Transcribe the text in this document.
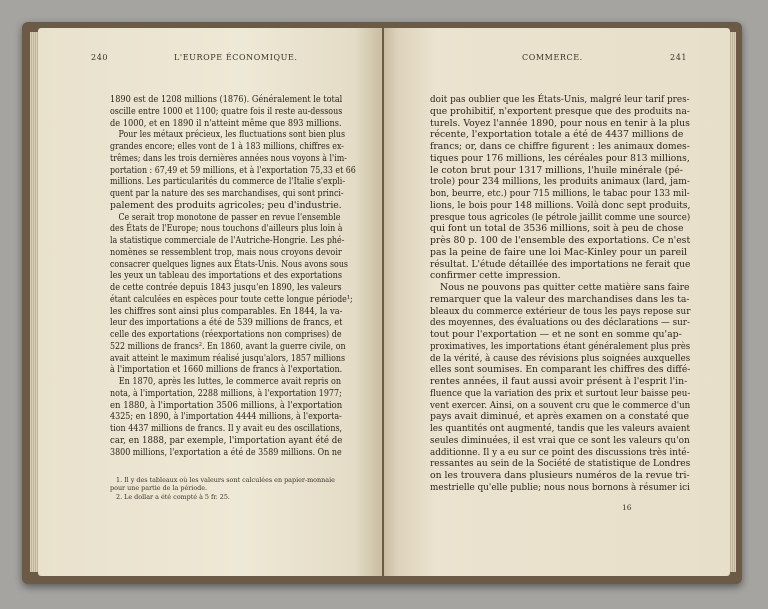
240	L'EUROPE ÉCONOMIQUE.
1890 est de 1208 millions (1876). Généralement le total
oscille entre 1000 et 1100; quatre fois il reste au-dessous
de 1000, et en 1890 il n'atteint même que 893 millions.
Pour les métaux précieux, les fluctuations sont bien plus
grandes encore; elles vont de 1 à 183 millions, chiffres ex-
trêmes; dans les trois dernières années nous voyons à l'im-
portation : 67,49 et 59 millions, et à l'exportation 75,33 et 66
millions. Les particularités du commerce de l'Italie s'expli-
quent par la nature des ses marchandises, qui sont princi-
palement des produits agricoles; peu d'industrie.
Ce serait trop monotone de passer en revue l'ensemble
des États de l'Europe; nous touchons d'ailleurs plus loin à
la statistique commerciale de l'Autriche-Hongrie. Les phé-
nomènes se ressemblent trop, mais nous croyons devoir
consacrer quelques lignes aux États-Unis. Nous avons sous
les yeux un tableau des importations et des exportations
de cette contrée depuis 1843 jusqu'en 1890, les valeurs
étant calculées en espèces pour toute cette longue période¹;
les chiffres sont ainsi plus comparables. En 1844, la va-
leur des importations a été de 539 millions de francs, et
celle des exportations (réexportations non comprises) de
522 millions de francs². En 1860, avant la guerre civile, on
avait atteint le maximum réalisé jusqu'alors, 1857 millions
à l'importation et 1660 millions de francs à l'exportation.
En 1870, après les luttes, le commerce avait repris on
nota, à l'importation, 2288 millions, à l'exportation 1977;
en 1880, à l'importation 3506 millions, à l'exportation
4325; en 1890, à l'importation 4444 millions, à l'exporta-
tion 4437 millions de francs. Il y avait eu des oscillations,
car, en 1888, par exemple, l'importation ayant été de
3800 millions, l'exportation a été de 3589 millions. On ne
1. Il y des tableaux où les valeurs sont calculées en papier-monnaie
pour une partie de la période.
2. Le dollar a été compté à 5 fr. 25.
COMMERCE.	241
doit pas oublier que les États-Unis, malgré leur tarif pres-
que prohibitif, n'exportent presque que des produits na-
turels. Voyez l'année 1890, pour nous en tenir à la plus
récente, l'exportation totale a été de 4437 millions de
francs; or, dans ce chiffre figurent : les animaux domes-
tiques pour 176 millions, les céréales pour 813 millions,
le coton brut pour 1317 millions, l'huile minérale (pé-
trole) pour 234 millions, les produits animaux (lard, jam-
bon, beurre, etc.) pour 715 millions, le tabac pour 133 mil-
lions, le bois pour 148 millions. Voilà donc sept produits,
presque tous agricoles (le pétrole jaillit comme une source)
qui font un total de 3536 millions, soit à peu de chose
près 80 p. 100 de l'ensemble des exportations. Ce n'est
pas la peine de faire une loi Mac-Kinley pour un pareil
résultat. L'étude détaillée des importations ne ferait que
confirmer cette impression.
Nous ne pouvons pas quitter cette matière sans faire
remarquer que la valeur des marchandises dans les ta-
bleaux du commerce extérieur de tous les pays repose sur
des moyennes, des évaluations ou des déclarations — sur-
tout pour l'exportation — et ne sont en somme qu'ap-
proximatives, les importations étant généralement plus près
de la vérité, à cause des révisions plus soignées auxquelles
elles sont soumises. En comparant les chiffres des diffé-
rentes années, il faut aussi avoir présent à l'esprit l'in-
fluence que la variation des prix et surtout leur baisse peu-
vent exercer. Ainsi, on a souvent cru que le commerce d'un
pays avait diminué, et après examen on a constaté que
les quantités ont augmenté, tandis que les valeurs avaient
seules diminuées, il est vrai que ce sont les valeurs qu'on
additionne. Il y a eu sur ce point des discussions très inté-
ressantes au sein de la Société de statistique de Londres
on les trouvera dans plusieurs numéros de la revue tri-
mestrielle qu'elle publie; nous nous bornons à résumer ici
16
